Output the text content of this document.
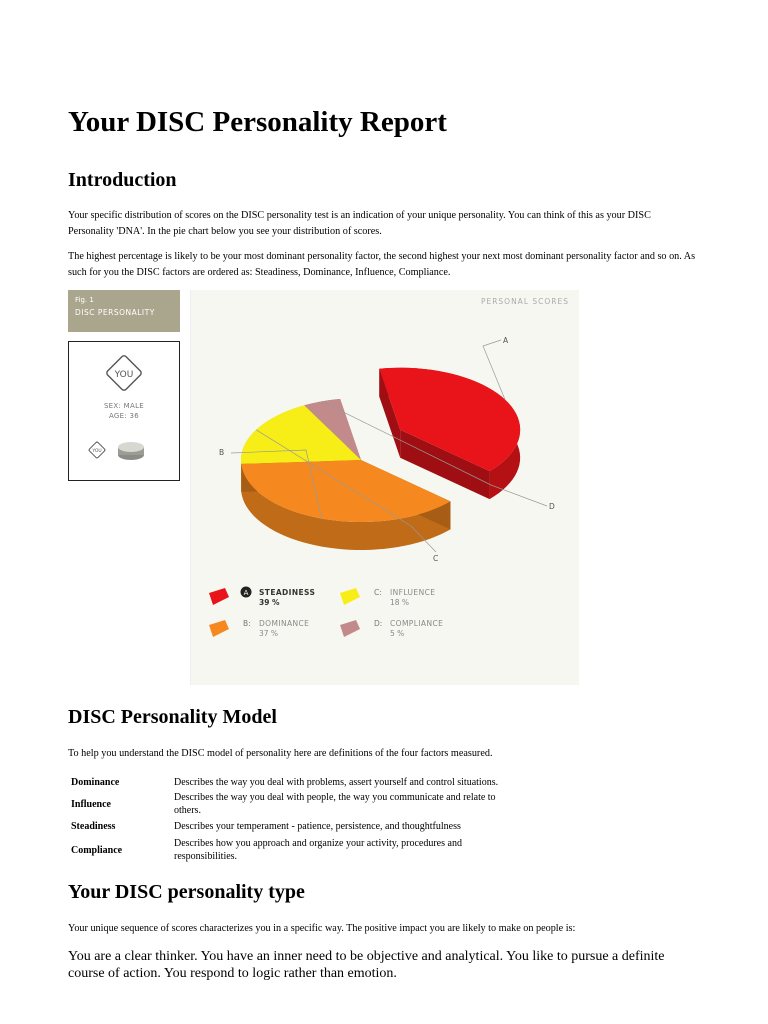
Your DISC Personality Report
Introduction

Your specific distribution of scores on the DISC personality test is an indication of your unique personality. You can think of this as your DISC Personality 'DNA'. In the pie chart below you see your distribution of scores.

The highest percentage is likely to be your most dominant personality factor, the second highest your next most dominant personality factor and so on. As such for you the DISC factors are ordered as: Steadiness, Dominance, Influence, Compliance.

Fig. 1
DISC PERSONALITY
YOU
SEX: MALE
AGE: 36
YOU
PERSONAL SCORES
A
B
C
D
A STEADINESS
39 %
B: DOMINANCE
37 %
C: INFLUENCE
18 %
D: COMPLIANCE
5 %
DISC Personality Model

To help you understand the DISC model of personality here are definitions of the four factors measured.

Dominance	Describes the way you deal with problems, assert yourself and control situations.
Influence	Describes the way you deal with people, the way you communicate and relate to others.
Steadiness	Describes your temperament - patience, persistence, and thoughtfulness
Compliance	Describes how you approach and organize your activity, procedures and responsibilities.
Your DISC personality type

Your unique sequence of scores characterizes you in a specific way. The positive impact you are likely to make on people is:

You are a clear thinker. You have an inner need to be objective and analytical. You like to pursue a definite course of action. You respond to logic rather than emotion.
